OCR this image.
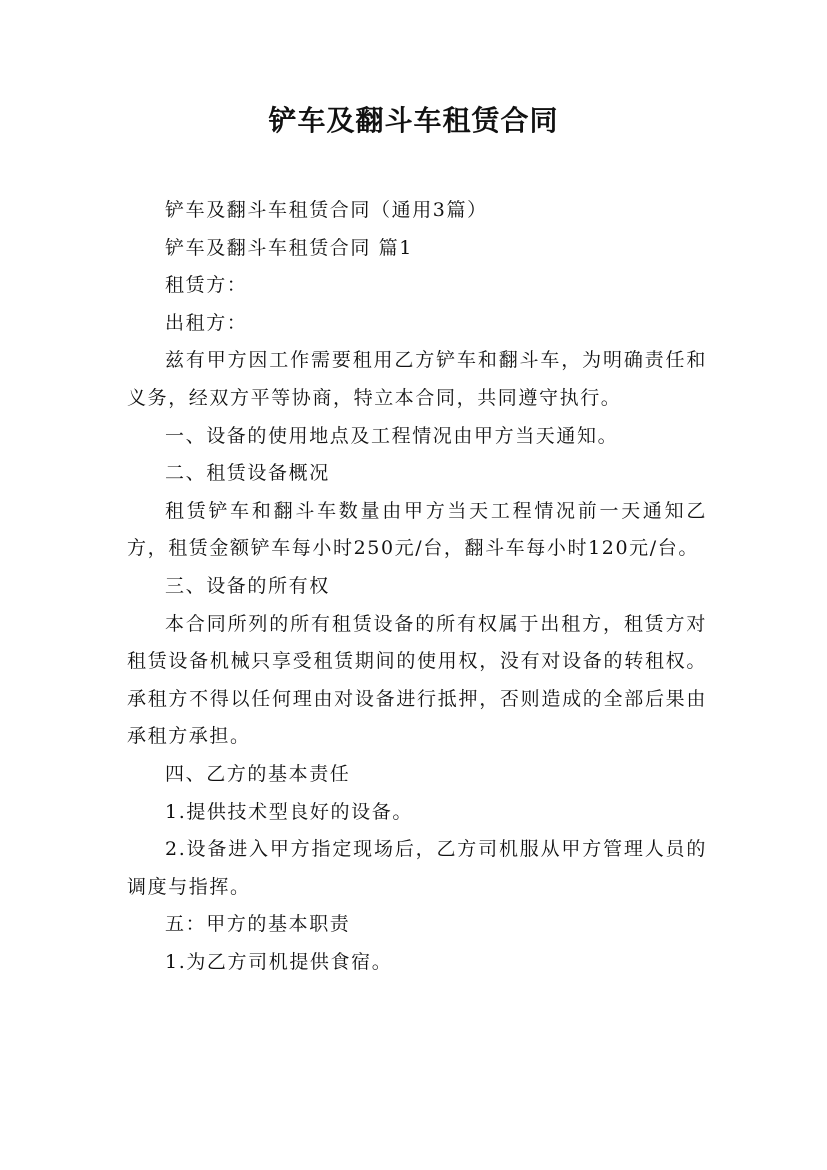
铲车及翻斗车租赁合同

铲车及翻斗车租赁合同（通用3篇）

铲车及翻斗车租赁合同 篇1

租赁方：

出租方：

兹有甲方因工作需要租用乙方铲车和翻斗车，为明确责任和义务，经双方平等协商，特立本合同，共同遵守执行。

一、设备的使用地点及工程情况由甲方当天通知。

二、租赁设备概况

租赁铲车和翻斗车数量由甲方当天工程情况前一天通知乙方，租赁金额铲车每小时250元/台，翻斗车每小时120元/台。

三、设备的所有权

本合同所列的所有租赁设备的所有权属于出租方，租赁方对租赁设备机械只享受租赁期间的使用权，没有对设备的转租权。承租方不得以任何理由对设备进行抵押，否则造成的全部后果由承租方承担。

四、乙方的基本责任

1.提供技术型良好的设备。

2.设备进入甲方指定现场后，乙方司机服从甲方管理人员的调度与指挥。

五：甲方的基本职责

1.为乙方司机提供食宿。
